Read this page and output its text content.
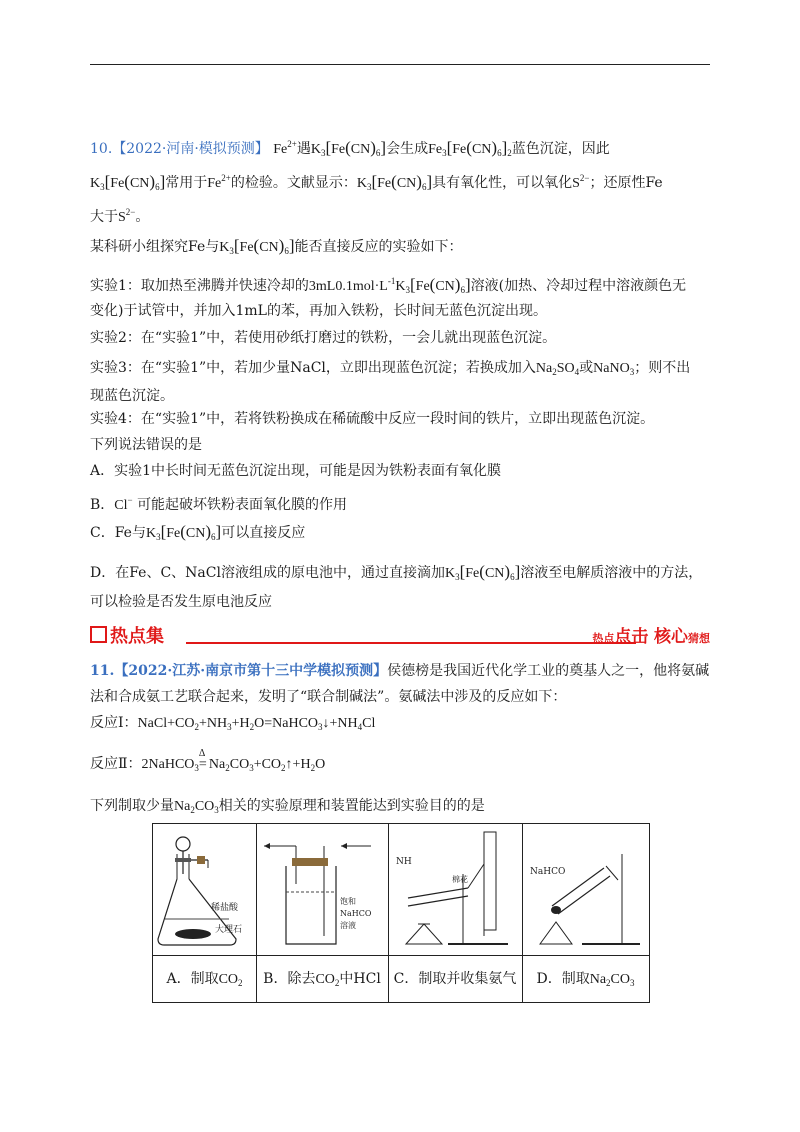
10.【2022·河南·模拟预测】 $Fe^{2+}$遇$K_3[Fe(CN)_6]$会生成$Fe_3[Fe(CN)_6]_2$蓝色沉淀，因此
$K_3[Fe(CN)_6]$常用于$Fe^{2+}$的检验。文献显示：$K_3[Fe(CN)_6]$具有氧化性，可以氧化$S^{2-}$；还原性Fe
大于$S^{2-}$。
某科研小组探究Fe与$K_3[Fe(CN)_6]$能否直接反应的实验如下：
实验1：取加热至沸腾并快速冷却的$3mL0.1mol\cdot L^{-1}K_3[Fe(CN)_6]$溶液(加热、冷却过程中溶液颜色无
变化)于试管中，并加入1mL的苯，再加入铁粉，长时间无蓝色沉淀出现。
实验2：在“实验1”中，若使用砂纸打磨过的铁粉，一会儿就出现蓝色沉淀。
实验3：在“实验1”中，若加少量NaCl，立即出现蓝色沉淀；若换成加入$Na_2SO_4$或NaNO$_3$；则不出
现蓝色沉淀。
实验4：在“实验1”中，若将铁粉换成在稀硫酸中反应一段时间的铁片，立即出现蓝色沉淀。
下列说法错误的是
A．实验1中长时间无蓝色沉淀出现，可能是因为铁粉表面有氧化膜
B．Cl− 可能起破坏铁粉表面氧化膜的作用
C．Fe与$K_3[Fe(CN)_6]$可以直接反应
D．在Fe、C、NaCl溶液组成的原电池中，通过直接滴加$K_3[Fe(CN)_6]$溶液至电解质溶液中的方法，
可以检验是否发生原电池反应
热点集	热点点击 核心猜想
11.【2022·江苏·南京市第十三中学模拟预测】侯德榜是我国近代化学工业的奠基人之一，他将氨碱
法和合成氨工艺联合起来，发明了“联合制碱法”。氨碱法中涉及的反应如下：
反应Ⅰ：$NaCl+CO_2+NH_3+H_2O=NaHCO_3↓+NH_4Cl$
反应Ⅱ：2NaHCO$_3$
Δ
= $Na_2CO_3+CO_2↑+H_2O$
下列制取少量$Na_2CO_3$相关的实验原理和装置能达到实验目的的是
稀盐酸
大理石
A．制取$CO_2$
饱和
NaHCO
溶液
B．除去$CO_2$中HCl
NH
棉花
C．制取并收集氨气
NaHCO
D．制取$Na_2CO_3$
